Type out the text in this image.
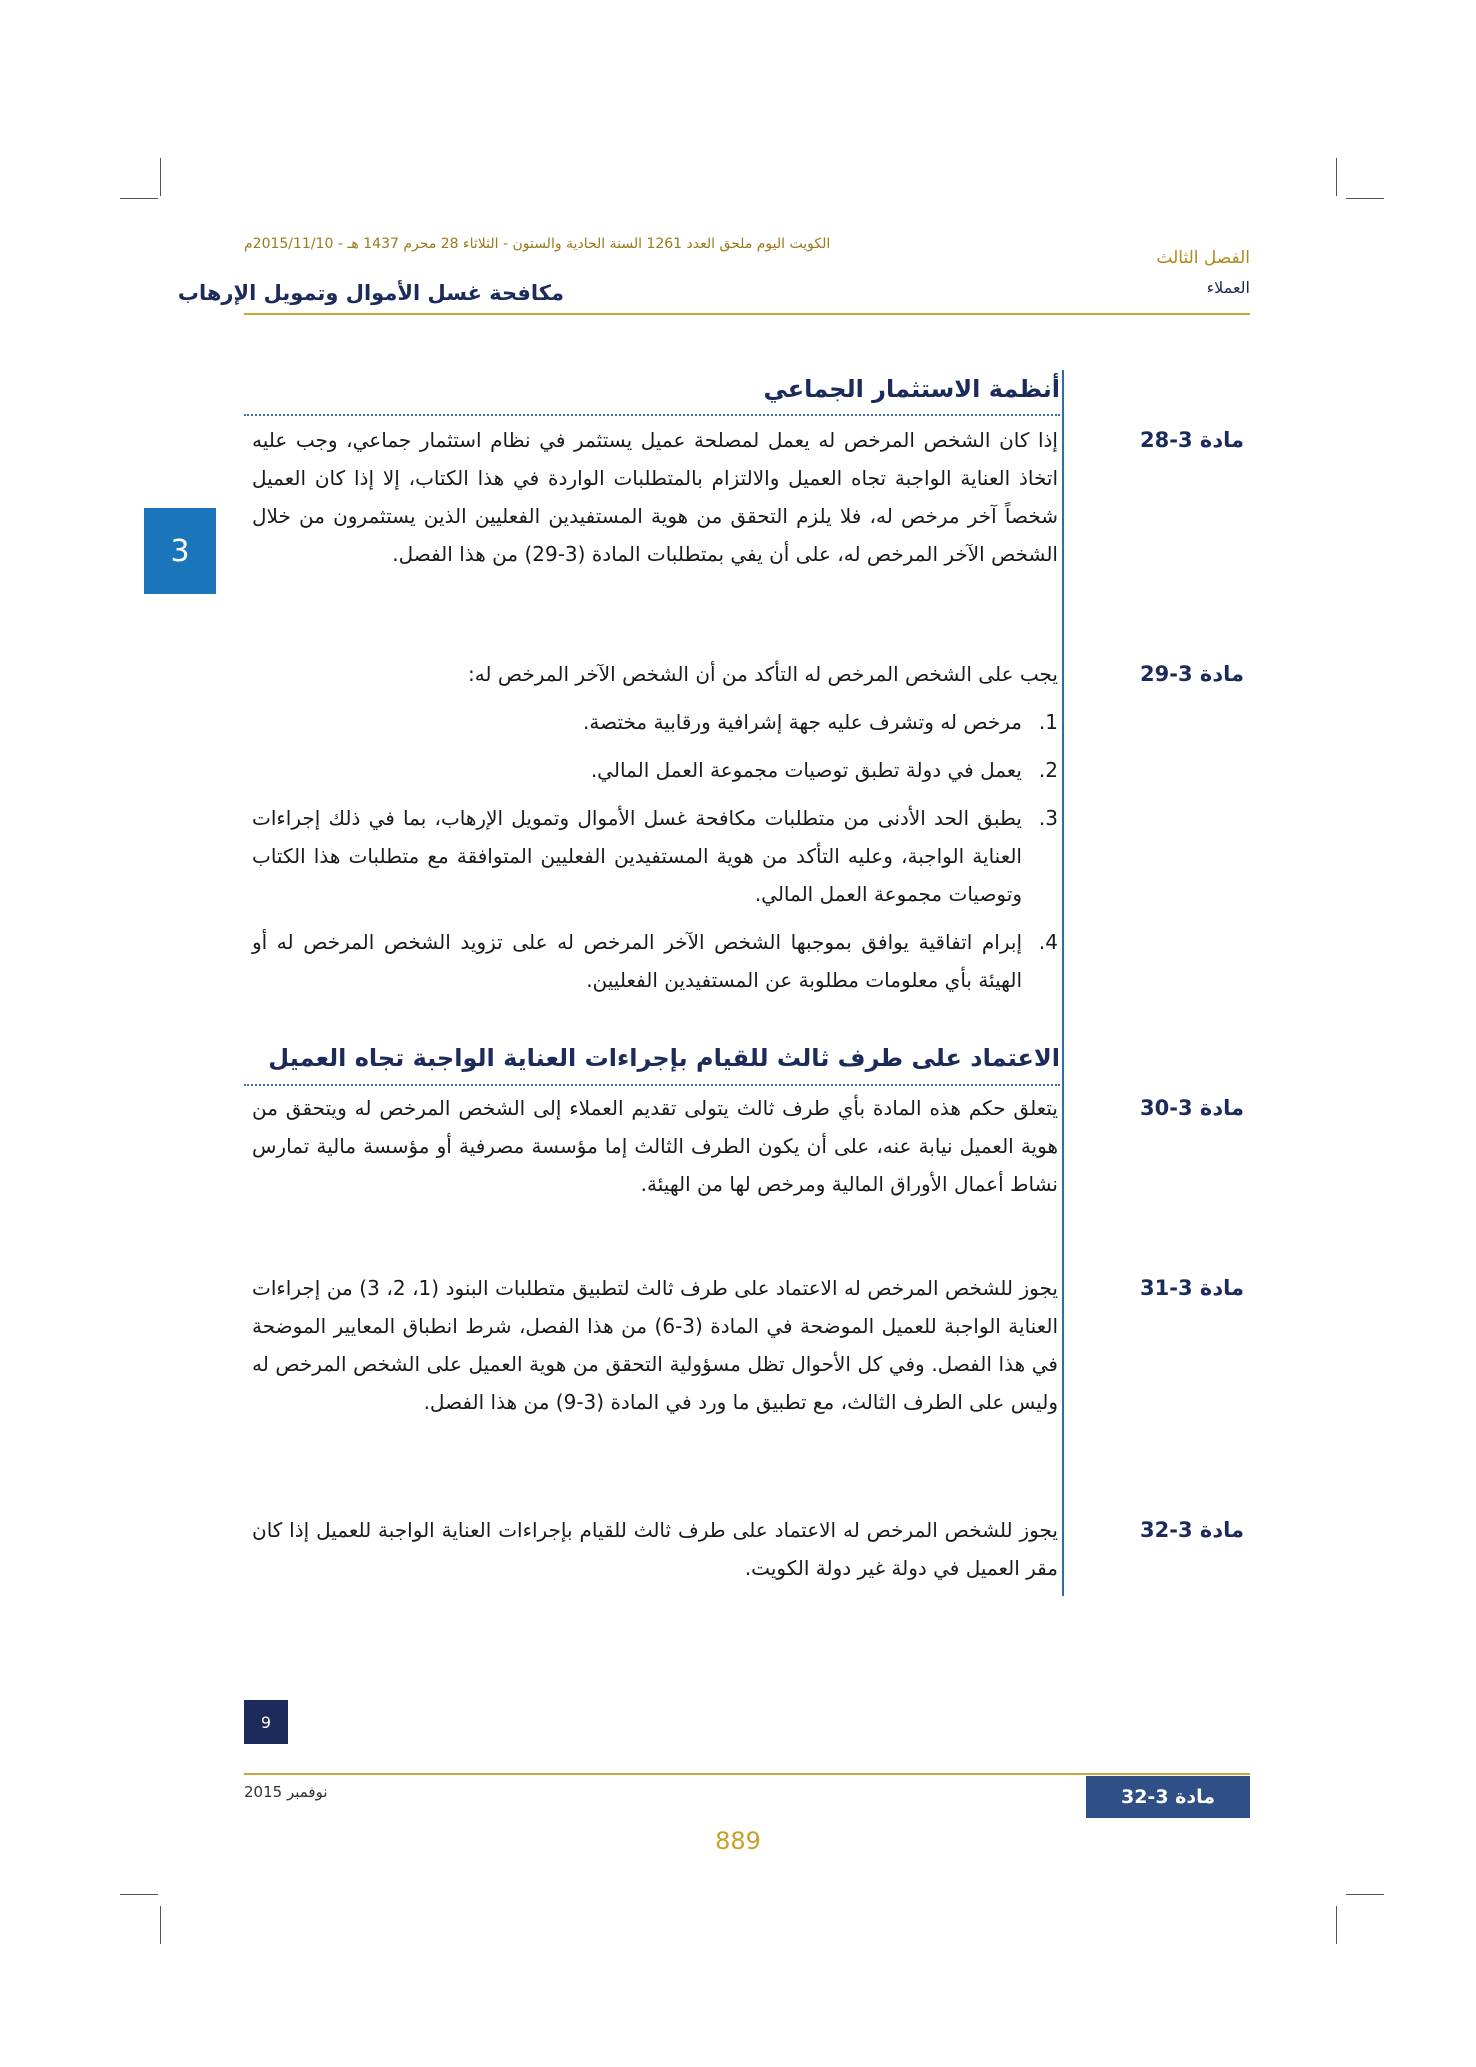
الكويت اليوم ملحق العدد 1261 السنة الحادية والستون - الثلاثاء 28 محرم 1437 هـ - 2015/11/10م
مكافحة غسل الأموال وتمويل الإرهاب
الفصل الثالث
العملاء
3
أنظمة الاستثمار الجماعي
مادة 3-28
إذا كان الشخص المرخص له يعمل لمصلحة عميل يستثمر في نظام استثمار جماعي، وجب عليه اتخاذ العناية الواجبة تجاه العميل والالتزام بالمتطلبات الواردة في هذا الكتاب، إلا إذا كان العميل شخصاً آخر مرخص له، فلا يلزم التحقق من هوية المستفيدين الفعليين الذين يستثمرون من خلال الشخص الآخر المرخص له، على أن يفي بمتطلبات المادة (3-29) من هذا الفصل.
مادة 3-29
يجب على الشخص المرخص له التأكد من أن الشخص الآخر المرخص له:
1.
مرخص له وتشرف عليه جهة إشرافية ورقابية مختصة.
2.
يعمل في دولة تطبق توصيات مجموعة العمل المالي.
3.
يطبق الحد الأدنى من متطلبات مكافحة غسل الأموال وتمويل الإرهاب، بما في ذلك إجراءات العناية الواجبة، وعليه التأكد من هوية المستفيدين الفعليين المتوافقة مع متطلبات هذا الكتاب وتوصيات مجموعة العمل المالي.
4.
إبرام اتفاقية يوافق بموجبها الشخص الآخر المرخص له على تزويد الشخص المرخص له أو الهيئة بأي معلومات مطلوبة عن المستفيدين الفعليين.
الاعتماد على طرف ثالث للقيام بإجراءات العناية الواجبة تجاه العميل
مادة 3-30
يتعلق حكم هذه المادة بأي طرف ثالث يتولى تقديم العملاء إلى الشخص المرخص له ويتحقق من هوية العميل نيابة عنه، على أن يكون الطرف الثالث إما مؤسسة مصرفية أو مؤسسة مالية تمارس نشاط أعمال الأوراق المالية ومرخص لها من الهيئة.
مادة 3-31
يجوز للشخص المرخص له الاعتماد على طرف ثالث لتطبيق متطلبات البنود (1، 2، 3) من إجراءات العناية الواجبة للعميل الموضحة في المادة (3-6) من هذا الفصل، شرط انطباق المعايير الموضحة في هذا الفصل. وفي كل الأحوال تظل مسؤولية التحقق من هوية العميل على الشخص المرخص له وليس على الطرف الثالث، مع تطبيق ما ورد في المادة (3-9) من هذا الفصل.
مادة 3-32
يجوز للشخص المرخص له الاعتماد على طرف ثالث للقيام بإجراءات العناية الواجبة للعميل إذا كان مقر العميل في دولة غير دولة الكويت.
9
نوفمبر 2015	مادة 3-32
889
